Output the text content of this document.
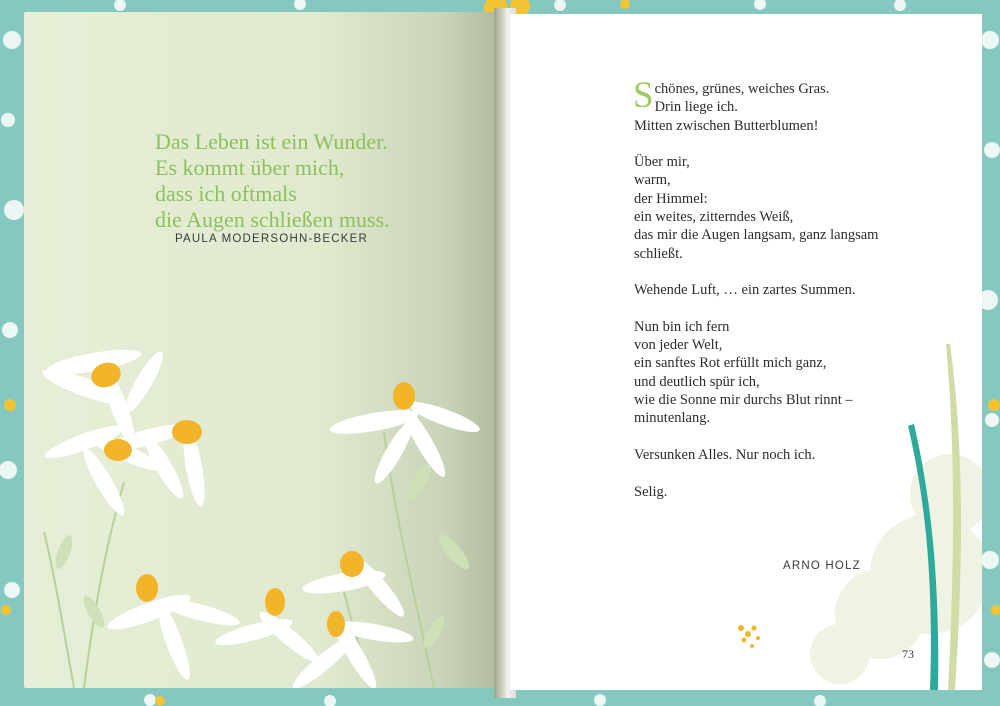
Das Leben ist ein Wunder.
Es kommt über mich,
dass ich oftmals
die Augen schließen muss.
PAULA MODERSOHN-BECKER
S chönes, grünes, weiches Gras.
Drin liege ich.
Mitten zwischen Butterblumen!
Über mir,
warm,
der Himmel:
ein weites, zitterndes Weiß,
das mir die Augen langsam, ganz langsam
schließt.
Wehende Luft, … ein zartes Summen.
Nun bin ich fern
von jeder Welt,
ein sanftes Rot erfüllt mich ganz,
und deutlich spür ich,
wie die Sonne mir durchs Blut rinnt –
minutenlang.
Versunken Alles. Nur noch ich.
Selig.
ARNO HOLZ
73
